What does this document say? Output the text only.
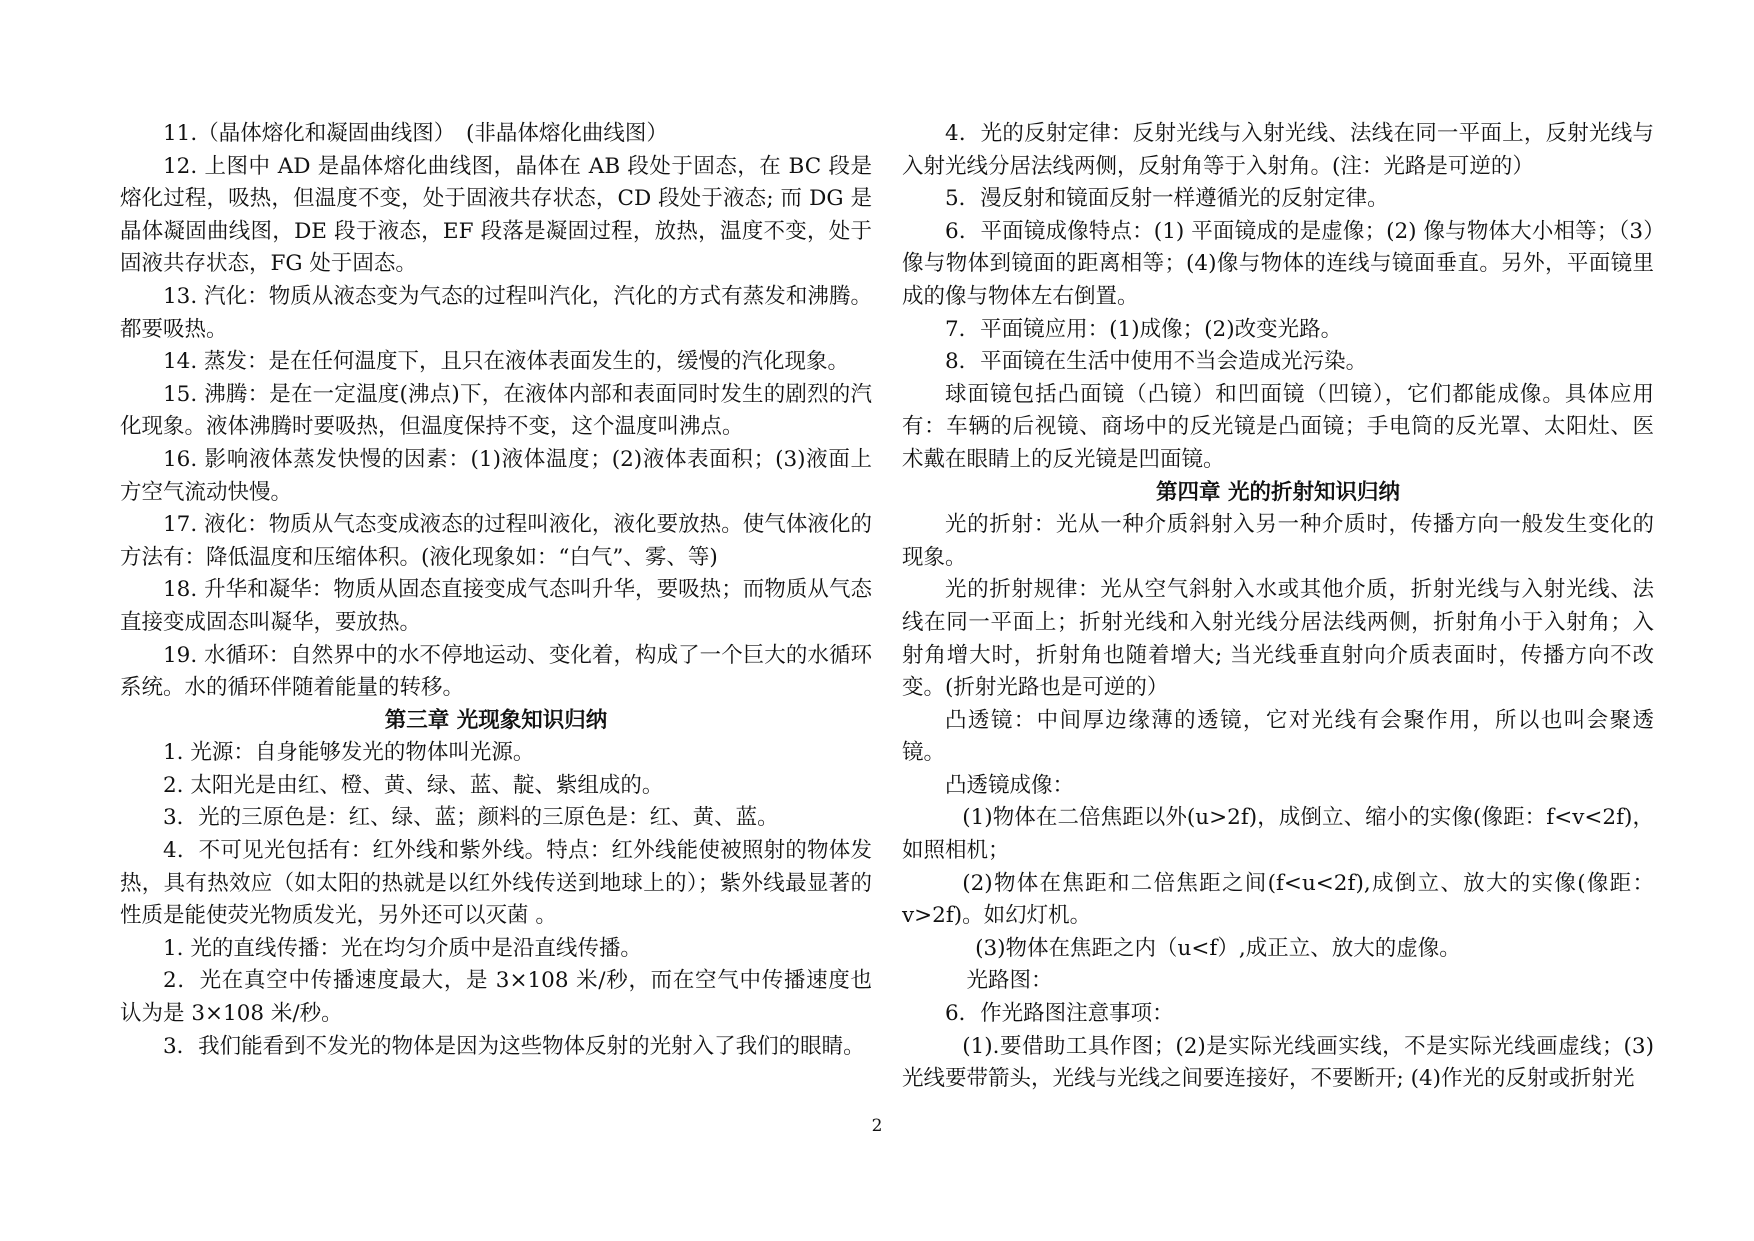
11.（晶体熔化和凝固曲线图）　(非晶体熔化曲线图）

12. 上图中 AD 是晶体熔化曲线图，晶体在 AB 段处于固态，在 BC 段是熔化过程，吸热，但温度不变，处于固液共存状态，CD 段处于液态; 而 DG 是晶体凝固曲线图，DE 段于液态，EF 段落是凝固过程，放热，温度不变，处于固液共存状态，FG 处于固态。

13. 汽化：物质从液态变为气态的过程叫汽化，汽化的方式有蒸发和沸腾。都要吸热。

14. 蒸发：是在任何温度下，且只在液体表面发生的，缓慢的汽化现象。

15. 沸腾：是在一定温度(沸点)下，在液体内部和表面同时发生的剧烈的汽化现象。液体沸腾时要吸热，但温度保持不变，这个温度叫沸点。

16. 影响液体蒸发快慢的因素：(1)液体温度；(2)液体表面积；(3)液面上方空气流动快慢。

17. 液化：物质从气态变成液态的过程叫液化，液化要放热。使气体液化的方法有：降低温度和压缩体积。(液化现象如：“白气”、雾、等)

18. 升华和凝华：物质从固态直接变成气态叫升华，要吸热；而物质从气态直接变成固态叫凝华，要放热。

19. 水循环：自然界中的水不停地运动、变化着，构成了一个巨大的水循环系统。水的循环伴随着能量的转移。

第三章 光现象知识归纳

1. 光源：自身能够发光的物体叫光源。

2. 太阳光是由红、橙、黄、绿、蓝、靛、紫组成的。

3．光的三原色是：红、绿、蓝；颜料的三原色是：红、黄、蓝。

4．不可见光包括有：红外线和紫外线。特点：红外线能使被照射的物体发热，具有热效应（如太阳的热就是以红外线传送到地球上的）；紫外线最显著的性质是能使荧光物质发光，另外还可以灭菌 。

1. 光的直线传播：光在均匀介质中是沿直线传播。

2．光在真空中传播速度最大，是 3×108 米/秒，而在空气中传播速度也认为是 3×108 米/秒。

3．我们能看到不发光的物体是因为这些物体反射的光射入了我们的眼睛。

4．光的反射定律：反射光线与入射光线、法线在同一平面上，反射光线与入射光线分居法线两侧，反射角等于入射角。(注：光路是可逆的）

5．漫反射和镜面反射一样遵循光的反射定律。

6．平面镜成像特点：(1) 平面镜成的是虚像；(2) 像与物体大小相等；（3）像与物体到镜面的距离相等；(4)像与物体的连线与镜面垂直。另外，平面镜里成的像与物体左右倒置。

7．平面镜应用：(1)成像；(2)改变光路。

8．平面镜在生活中使用不当会造成光污染。

球面镜包括凸面镜（凸镜）和凹面镜（凹镜），它们都能成像。具体应用有：车辆的后视镜、商场中的反光镜是凸面镜；手电筒的反光罩、太阳灶、医术戴在眼睛上的反光镜是凹面镜。

第四章 光的折射知识归纳

光的折射：光从一种介质斜射入另一种介质时，传播方向一般发生变化的现象。

光的折射规律：光从空气斜射入水或其他介质，折射光线与入射光线、法线在同一平面上；折射光线和入射光线分居法线两侧，折射角小于入射角；入射角增大时，折射角也随着增大; 当光线垂直射向介质表面时，传播方向不改变。(折射光路也是可逆的）

凸透镜：中间厚边缘薄的透镜，它对光线有会聚作用，所以也叫会聚透镜。

凸透镜成像：

(1)物体在二倍焦距以外(u>2f)，成倒立、缩小的实像(像距：f<v<2f)，如照相机；

(2)物体在焦距和二倍焦距之间(f<u<2f),成倒立、放大的实像(像距：v>2f)。如幻灯机。

(3)物体在焦距之内（u<f）,成正立、放大的虚像。

光路图：

6．作光路图注意事项：

(1).要借助工具作图；(2)是实际光线画实线，不是实际光线画虚线；(3)光线要带箭头，光线与光线之间要连接好，不要断开; (4)作光的反射或折射光

2
